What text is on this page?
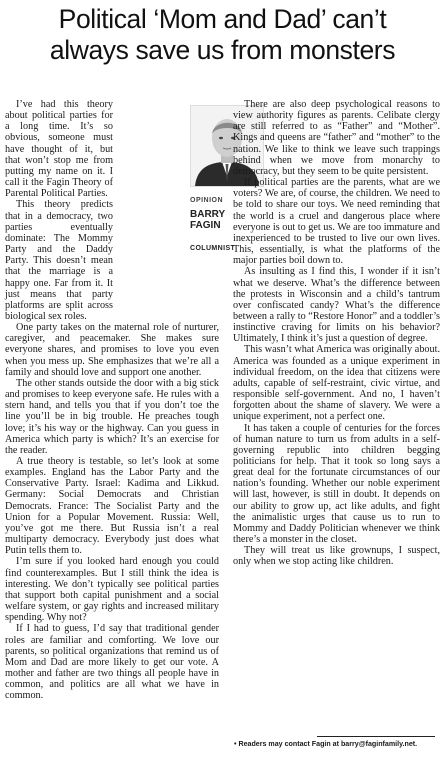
Political ‘Mom and Dad’ can’t
always save us from monsters
OPINION
BARRY
FAGIN
COLUMNIST

I’ve had this theory about political parties for a long time. It’s so obvious, someone must have thought of it, but that won’t stop me from putting my name on it. I call it the Fagin Theory of Parental Political Parties.

This theory predicts that in a democracy, two parties eventually dominate: The Mommy Party and the Daddy Party. This doesn’t mean that the marriage is a happy one. Far from it. It just means that party platforms are split across biological sex roles.

One party takes on the maternal role of nurturer, caregiver, and peacemaker. She makes sure everyone shares, and promises to love you even when you mess up. She emphasizes that we’re all a family and should love and support one another.

The other stands outside the door with a big stick and promises to keep everyone safe. He rules with a stern hand, and tells you that if you don’t toe the line you’ll be in big trouble. He preaches tough love; it’s his way or the highway. Can you guess in America which party is which? It’s an exercise for the reader.

A true theory is testable, so let’s look at some examples. England has the Labor Party and the Conservative Party. Israel: Kadima and Likkud. Germany: Social Democrats and Christian Democrats. France: The Socialist Party and the Union for a Popular Movement. Russia: Well, you’ve got me there. But Russia isn’t a real multiparty democracy. Everybody just does what Putin tells them to.

I’m sure if you looked hard enough you could find counterexamples. But I still think the idea is interesting. We don’t typically see political parties that support both capital punishment and a social welfare system, or gay rights and increased military spending. Why not?

If I had to guess, I’d say that traditional gender roles are familiar and comforting. We love our parents, so political organizations that remind us of Mom and Dad are more likely to get our vote. A mother and father are two things all people have in common, and politics are all what we have in common.

There are also deep psychological reasons to view authority figures as parents. Celibate clergy are still referred to as “Father” and “Mother”. Kings and queens are “father” and “mother” to the nation. We like to think we leave such trappings behind when we move from monarchy to democracy, but they seem to be quite persistent.

If political parties are the parents, what are we voters? We are, of course, the children. We need to be told to share our toys. We need reminding that the world is a cruel and dangerous place where everyone is out to get us. We are too immature and inexperienced to be trusted to live our own lives. This, essentially, is what the platforms of the major parties boil down to.

As insulting as I find this, I wonder if it isn’t what we deserve. What’s the difference between the protests in Wisconsin and a child’s tantrum over confiscated candy? What’s the difference between a rally to “Restore Honor” and a toddler’s instinctive craving for limits on his behavior? Ultimately, I think it’s just a question of degree.

This wasn’t what America was originally about. America was founded as a unique experiment in individual freedom, on the idea that citizens were adults, capable of self-restraint, civic virtue, and responsible self-government. And no, I haven’t forgotten about the shame of slavery. We were a unique experiment, not a perfect one.

It has taken a couple of centuries for the forces of human nature to turn us from adults in a self-governing republic into children begging politicians for help. That it took so long says a great deal for the fortunate circumstances of our nation’s founding. Whether our noble experiment will last, however, is still in doubt. It depends on our ability to grow up, act like adults, and fight the animalistic urges that cause us to run to Mommy and Daddy Politician whenever we think there’s a monster in the closet.

They will treat us like grownups, I suspect, only when we stop acting like children.

• Readers may contact Fagin at barry@faginfamily.net.
